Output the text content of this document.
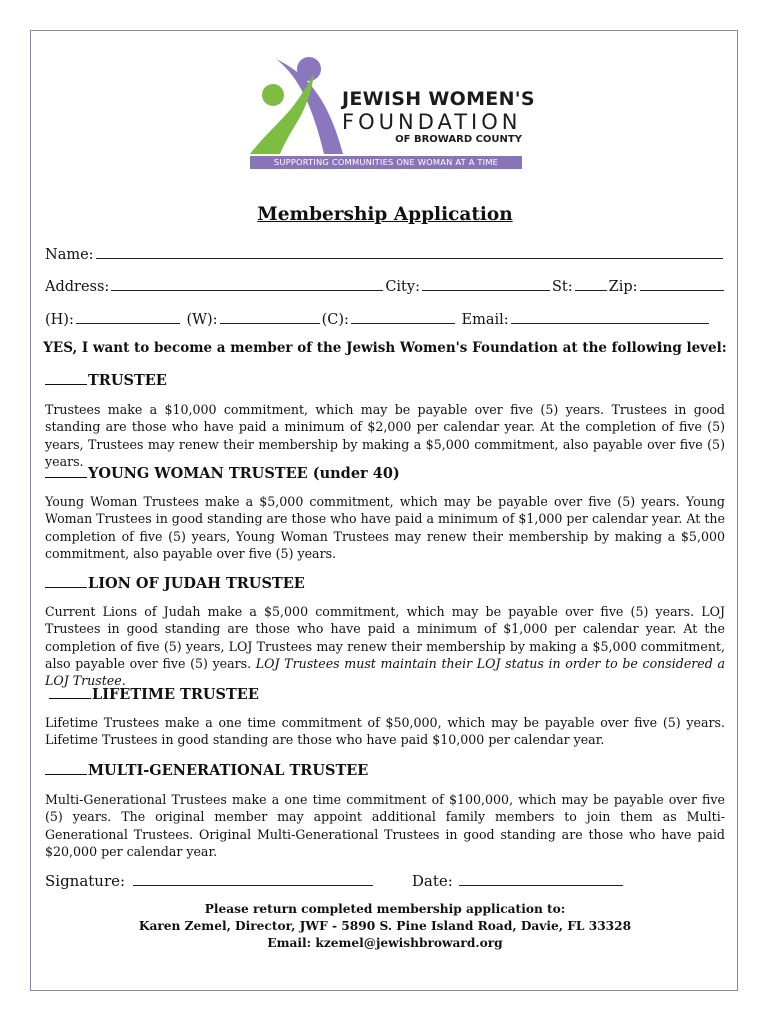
JEWISH WOMEN'S
FOUNDATION
OF BROWARD COUNTY
SUPPORTING COMMUNITIES ONE WOMAN AT A TIME
Membership Application
Name:
Address:	City:	St: Zip:
(H):	(W):	(C):	Email:
YES, I want to become a member of the Jewish Women's Foundation at the following level:
TRUSTEE
Trustees make a $10,000 commitment, which may be payable over five (5) years. Trustees in good standing are those who have paid a minimum of $2,000 per calendar year. At the completion of five (5) years, Trustees may renew their membership by making a $5,000 commitment, also payable over five (5) years.
YOUNG WOMAN TRUSTEE (under 40)
Young Woman Trustees make a $5,000 commitment, which may be payable over five (5) years. Young Woman Trustees in good standing are those who have paid a minimum of $1,000 per calendar year. At the completion of five (5) years, Young Woman Trustees may renew their membership by making a $5,000 commitment, also payable over five (5) years.
LION OF JUDAH TRUSTEE
Current Lions of Judah make a $5,000 commitment, which may be payable over five (5) years. LOJ Trustees in good standing are those who have paid a minimum of $1,000 per calendar year. At the completion of five (5) years, LOJ Trustees may renew their membership by making a $5,000 commitment, also payable over five (5) years. LOJ Trustees must maintain their LOJ status in order to be considered a LOJ Trustee.
LIFETIME TRUSTEE
Lifetime Trustees make a one time commitment of $50,000, which may be payable over five (5) years. Lifetime Trustees in good standing are those who have paid $10,000 per calendar year.
MULTI-GENERATIONAL TRUSTEE
Multi-Generational Trustees make a one time commitment of $100,000, which may be payable over five (5) years. The original member may appoint additional family members to join them as Multi-Generational Trustees. Original Multi-Generational Trustees in good standing are those who have paid $20,000 per calendar year.
Signature:	Date:
Please return completed membership application to:
Karen Zemel, Director, JWF - 5890 S. Pine Island Road, Davie, FL 33328
Email: kzemel@jewishbroward.org
